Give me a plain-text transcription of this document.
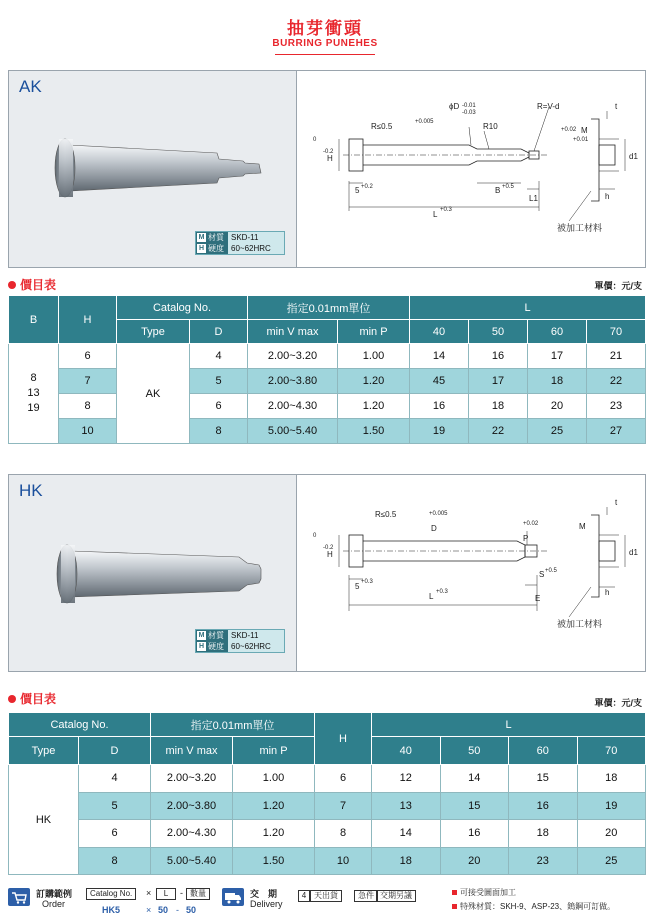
抽芽衝頭
BURRING PUNEHES
AK
M 材質 SKD-11
H 硬度 60~62HRC
R≤0.5
ϕD -0.01
-0.03
R10
R=V-d	t
M
d1
h
H
-0.2
5 +0.2	B +0.5
L +0.3
L1
+0.02
+0.01
+0.005
0
被加工材料
價目表	單價：元/支
B	H	Catalog No.		指定0.01mm單位		L			
		Type	D	min V max	min P	40	50	60	70
8
13
19	6	AK	4	2.00~3.20	1.00	14	16	17	21
	7		5	2.00~3.80	1.20	45	17	18	22
	8		6	2.00~4.30	1.20	16	18	20	23
	10		8	5.00~5.40	1.50	19	22	25	27
HK
M 材質 SKD-11
H 硬度 60~62HRC
R≤0.5
D
+0.005
P
+0.02
t
M
d1
h
H
-0.2
5 +0.3
S +0.5
L +0.3
E
0
被加工材料
價目表	單價：元/支
Catalog No.		指定0.01mm單位		H	L			
Type	D	min V max	min P		40	50	60	70
HK	4	2.00~3.20	1.00	6	12	14	15	18
	5	2.00~3.80	1.20	7	13	15	16	19
	6	2.00~4.30	1.20	8	14	16	18	20
	8	5.00~5.40	1.50	10	18	20	23	25
訂購範例
Order
Catalog No.	×	L	- 數量
HK5	× 50 - 50
交　期
Delivery
4 天出貨	急件 交期另議	可接受圖面加工
特殊材質：SKH-9、ASP-23、鎢鋼可訂做。
